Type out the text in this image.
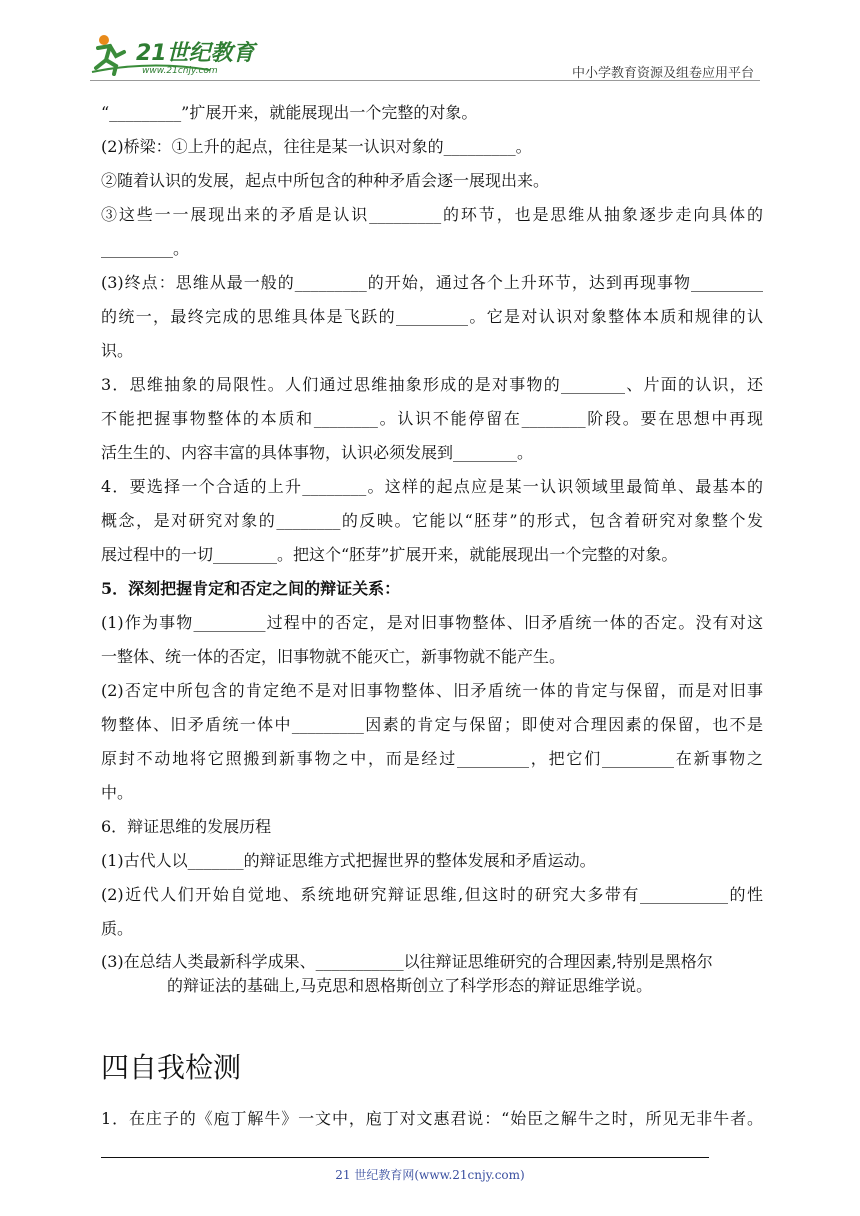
21世纪教育
www.21cnjy.com	中小学教育资源及组卷应用平台
“_________”扩展开来，就能展现出一个完整的对象。
(2)桥梁：①上升的起点，往往是某一认识对象的_________。
②随着认识的发展，起点中所包含的种种矛盾会逐一展现出来。
③这些一一展现出来的矛盾是认识_________的环节，也是思维从抽象逐步走向具体的
_________。
(3)终点：思维从最一般的_________的开始，通过各个上升环节，达到再现事物_________
的统一，最终完成的思维具体是飞跃的_________。它是对认识对象整体本质和规律的认
识。
3．思维抽象的局限性。人们通过思维抽象形成的是对事物的________、片面的认识，还
不能把握事物整体的本质和________。认识不能停留在________阶段。要在思想中再现
活生生的、内容丰富的具体事物，认识必须发展到________。
4．要选择一个合适的上升________。这样的起点应是某一认识领域里最简单、最基本的
概念，是对研究对象的________的反映。它能以“胚芽”的形式，包含着研究对象整个发
展过程中的一切________。把这个“胚芽”扩展开来，就能展现出一个完整的对象。
5．深刻把握肯定和否定之间的辩证关系：
(1)作为事物_________过程中的否定，是对旧事物整体、旧矛盾统一体的否定。没有对这
一整体、统一体的否定，旧事物就不能灭亡，新事物就不能产生。
(2)否定中所包含的肯定绝不是对旧事物整体、旧矛盾统一体的肯定与保留，而是对旧事
物整体、旧矛盾统一体中_________因素的肯定与保留；即使对合理因素的保留，也不是
原封不动地将它照搬到新事物之中，而是经过_________，把它们_________在新事物之
中。
6．辩证思维的发展历程
(1)古代人以_______的辩证思维方式把握世界的整体发展和矛盾运动。
(2)近代人们开始自觉地、系统地研究辩证思维,但这时的研究大多带有___________的性
质。
(3)在总结人类最新科学成果、___________以往辩证思维研究的合理因素,特别是黑格尔
的辩证法的基础上,马克思和恩格斯创立了科学形态的辩证思维学说。
四自我检测
1．在庄子的《庖丁解牛》一文中，庖丁对文惠君说：“始臣之解牛之时，所见无非牛者。
21 世纪教育网(www.21cnjy.com)
